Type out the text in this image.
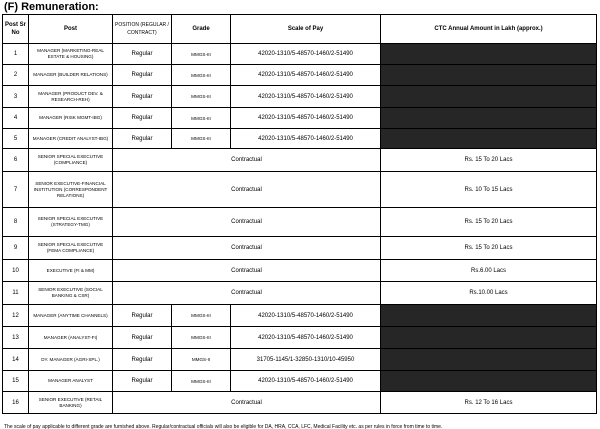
(F) Remuneration:
Post Sr No	Post	POSITION (REGULAR / CONTRACT)	Grade	Scale of Pay	CTC Annual Amount in Lakh (approx.)
1	MANAGER (MARKETING-REAL ESTATE & HOUSING)	Regular	MMGS-III	42020-1310/5-48570-1460/2-51490	
2	MANAGER (BUILDER RELATIONS)	Regular	MMGS-III	42020-1310/5-48570-1460/2-51490	
3	MANAGER (PRODUCT DEV. & RESEARCH-REH)	Regular	MMGS-III	42020-1310/5-48570-1460/2-51490	
4	MANAGER (RISK MGMT-IBG)	Regular	MMGS-III	42020-1310/5-48570-1460/2-51490	
5	MANAGER (CREDIT ANALYST-IBG)	Regular	MMGS-III	42020-1310/5-48570-1460/2-51490	
6	SENIOR SPECIAL EXECUTIVE (COMPLIANCE)	Contractual			Rs. 15 To 20 Lacs
7	SENIOR EXECUTIVE-FINANCIAL INSTITUTION (CORRESPONDENT RELATIONS)	Contractual			Rs. 10 To 15 Lacs
8	SENIOR SPECIAL EXECUTIVE (STRATEGY-TMG)	Contractual			Rs. 15 To 20 Lacs
9	SENIOR SPECIAL EXECUTIVE (FEMA COMPLIANCE)	Contractual			Rs. 15 To 20 Lacs
10	EXECUTIVE (FI & MM)	Contractual			Rs.6.00 Lacs
11	SENIOR EXECUTIVE (SOCIAL BANKING & CSR)	Contractual			Rs.10.00 Lacs
12	MANAGER (ANYTIME CHANNELS)	Regular	MMGS-III	42020-1310/5-48570-1460/2-51490	
13	MANAGER (ANALYST-FI)	Regular	MMGS-III	42020-1310/5-48570-1460/2-51490	
14	DY. MANAGER (AGRI-SPL.)	Regular	MMGS-II	31705-1145/1-32850-1310/10-45950	
15	MANAGER ANALYST	Regular	MMGS-III	42020-1310/5-48570-1460/2-51490	
16	SENIOR EXECUTIVE (RETAIL BANKING)	Contractual			Rs. 12 To 16 Lacs
The scale of pay applicable to different grade are furnished above. Regular/contractual officials will also be eligible for DA, HRA, CCA, LFC, Medical Facility etc. as per rules in force from time to time.
